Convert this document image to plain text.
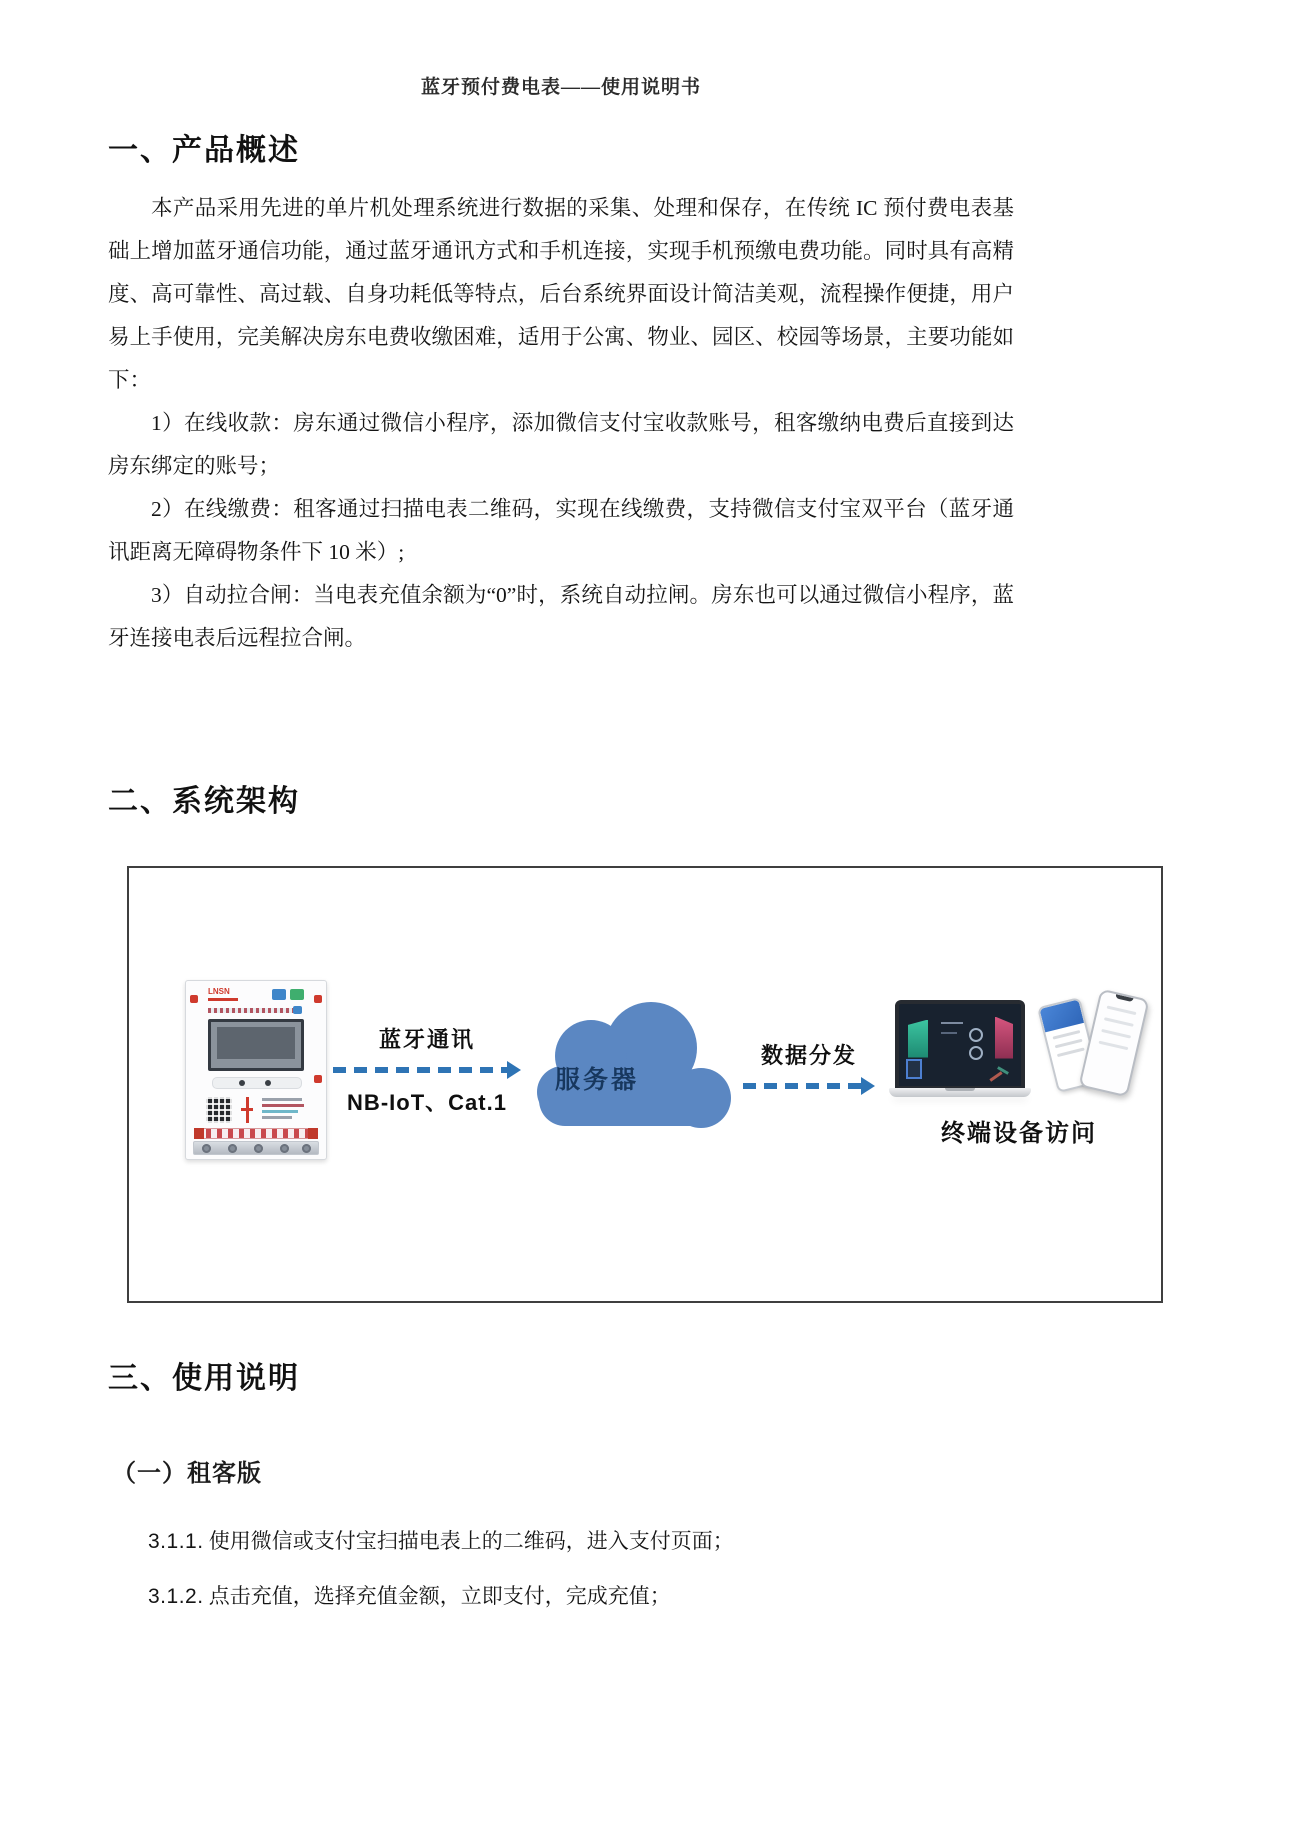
蓝牙预付费电表——使用说明书
一、产品概述

本产品采用先进的单片机处理系统进行数据的采集、处理和保存，在传统 IC 预付费电表基础上增加蓝牙通信功能，通过蓝牙通讯方式和手机连接，实现手机预缴电费功能。同时具有高精度、高可靠性、高过载、自身功耗低等特点，后台系统界面设计简洁美观，流程操作便捷，用户易上手使用，完美解决房东电费收缴困难，适用于公寓、物业、园区、校园等场景，主要功能如下：

1）在线收款：房东通过微信小程序，添加微信支付宝收款账号，租客缴纳电费后直接到达房东绑定的账号；

2）在线缴费：租客通过扫描电表二维码，实现在线缴费，支持微信支付宝双平台（蓝牙通讯距离无障碍物条件下 10 米）;

3）自动拉合闸：当电表充值余额为“0”时，系统自动拉闸。房东也可以通过微信小程序，蓝牙连接电表后远程拉合闸。

二、系统架构
LNSN
蓝牙通讯
NB-IoT、Cat.1
服务器
数据分发
终端设备访问
三、使用说明
（一）租客版
3.1.1. 使用微信或支付宝扫描电表上的二维码，进入支付页面；
3.1.2. 点击充值，选择充值金额，立即支付，完成充值；
